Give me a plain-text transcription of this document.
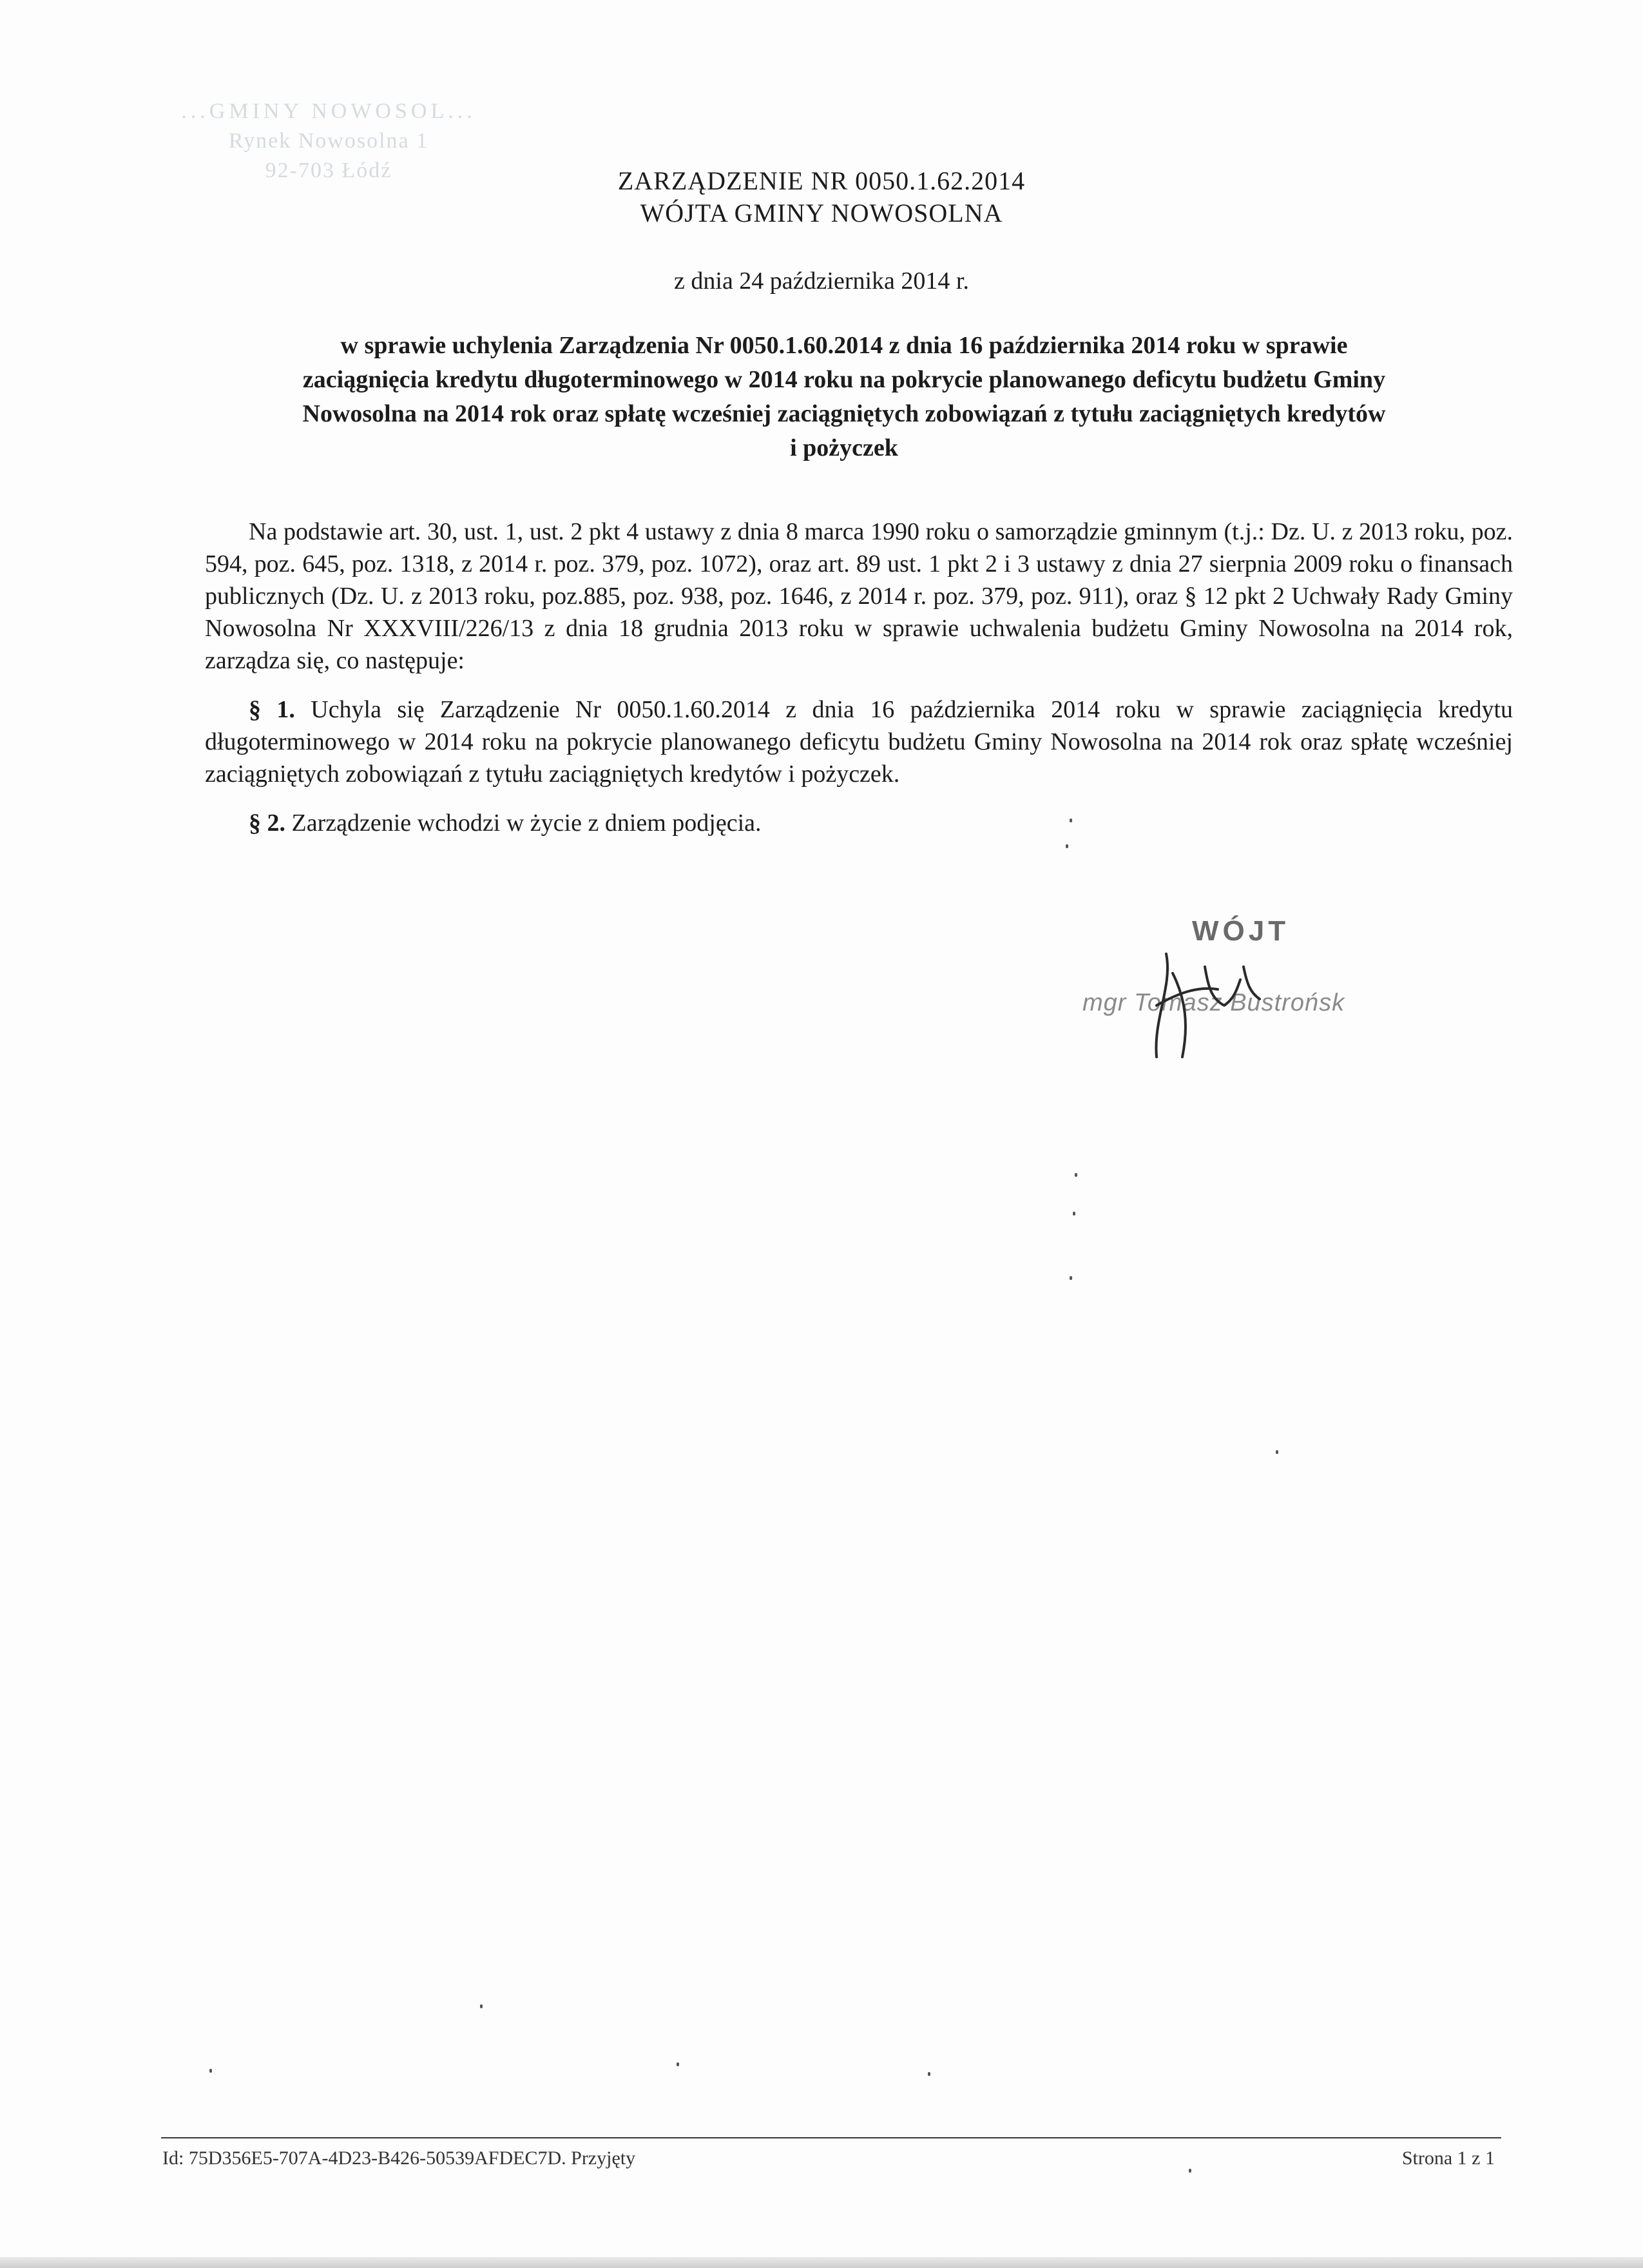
...GMINY NOWOSOL...
Rynek Nowosolna 1
92-703 Łódź	ZARZĄDZENIE NR 0050.1.62.2014
WÓJTA GMINY NOWOSOLNA
z dnia 24 października 2014 r.
w sprawie uchylenia Zarządzenia Nr 0050.1.60.2014 z dnia 16 października 2014 roku w sprawie
zaciągnięcia kredytu długoterminowego w 2014 roku na pokrycie planowanego deficytu budżetu Gminy
Nowosolna na 2014 rok oraz spłatę wcześniej zaciągniętych zobowiązań z tytułu zaciągniętych kredytów
i pożyczek

Na podstawie art. 30, ust. 1, ust. 2 pkt 4 ustawy z dnia 8 marca 1990 roku o samorządzie gminnym (t.j.: Dz. U. z 2013 roku, poz. 594, poz. 645, poz. 1318, z 2014 r. poz. 379, poz. 1072), oraz art. 89 ust. 1 pkt 2 i 3 ustawy z dnia 27 sierpnia 2009 roku o finansach publicznych (Dz. U. z 2013 roku, poz.885, poz. 938, poz. 1646, z 2014 r. poz. 379, poz. 911), oraz § 12 pkt 2 Uchwały Rady Gminy Nowosolna Nr XXXVIII/226/13 z dnia 18 grudnia 2013 roku w sprawie uchwalenia budżetu Gminy Nowosolna na 2014 rok, zarządza się, co następuje:

§ 1. Uchyla się Zarządzenie Nr 0050.1.60.2014 z dnia 16 października 2014 roku w sprawie zaciągnięcia kredytu długoterminowego w 2014 roku na pokrycie planowanego deficytu budżetu Gminy Nowosolna na 2014 rok oraz spłatę wcześniej zaciągniętych zobowiązań z tytułu zaciągniętych kredytów i pożyczek.

§ 2. Zarządzenie wchodzi w życie z dniem podjęcia.

WÓJT
mgr Tomasz Bustrońsk
Id: 75D356E5-707A-4D23-B426-50539AFDEC7D. Przyjęty	Strona 1 z 1
